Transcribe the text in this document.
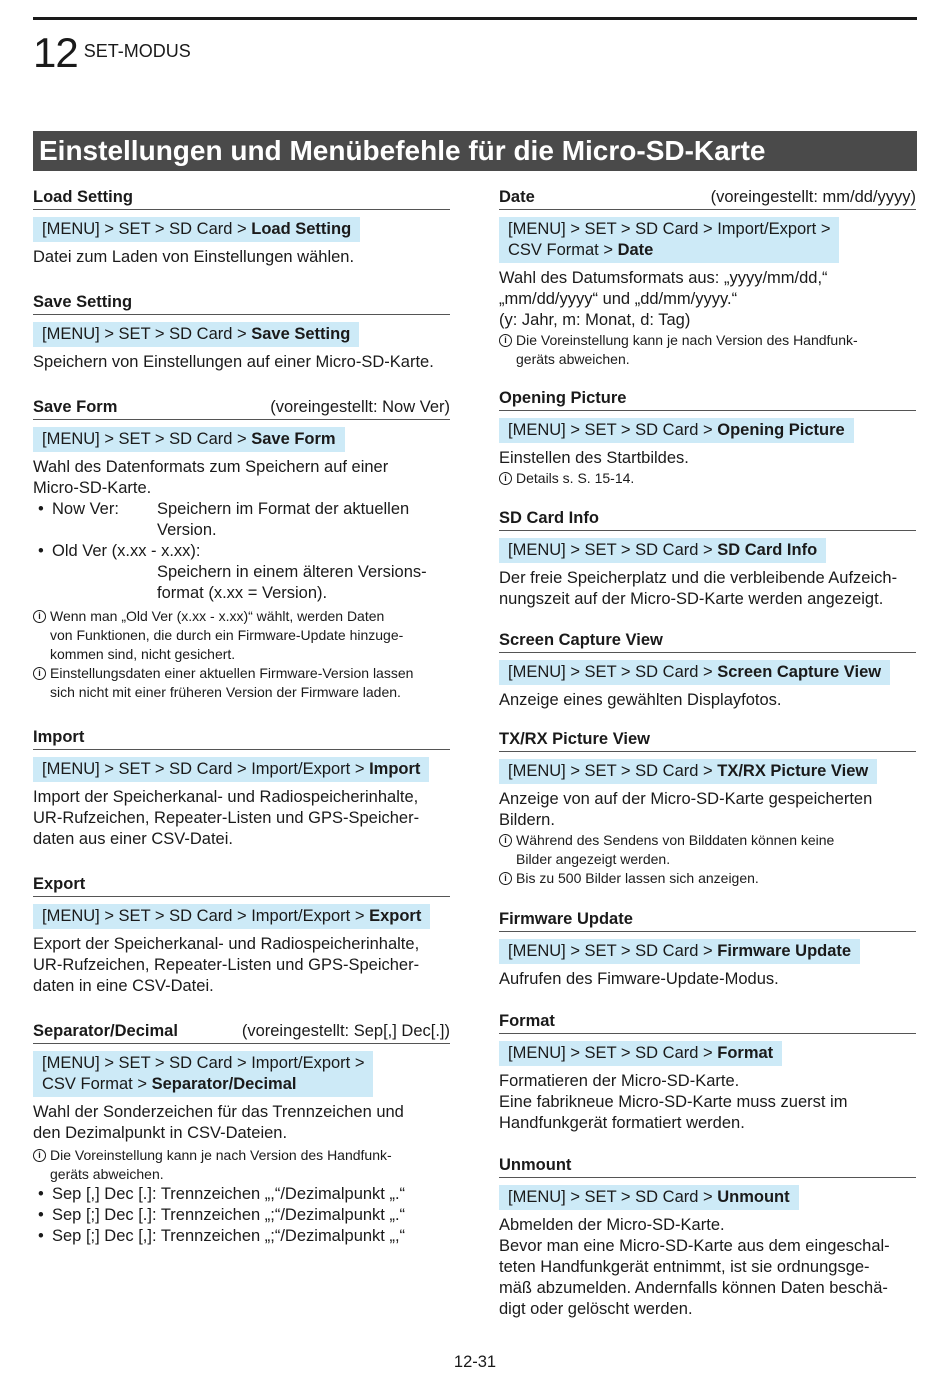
12 SET-MODUS
Einstellungen und Menübefehle für die Micro-SD-Karte
Load Setting
[MENU] > SET > SD Card > Load Setting
Datei zum Laden von Einstellungen wählen.
Save Setting
[MENU] > SET > SD Card > Save Setting
Speichern von Einstellungen auf einer Micro-SD-Karte.
Save Form	(voreingestellt: Now Ver)
[MENU] > SET > SD Card > Save Form
Wahl des Datenformats zum Speichern auf einer
Micro-SD-Karte.
• Now Ver:	Speichern im Format der aktuellen
Version.
• Old Ver (x.xx - x.xx):
Speichern in einem älteren Versions-
format (x.xx = Version).
i Wenn man „Old Ver (x.xx - x.xx)“ wählt, werden Daten
von Funktionen, die durch ein Firmware-Update hinzuge-
kommen sind, nicht gesichert.
i Einstellungsdaten einer aktuellen Firmware-Version lassen
sich nicht mit einer früheren Version der Firmware laden.
Import
[MENU] > SET > SD Card > Import/Export > Import
Import der Speicherkanal- und Radiospeicherinhalte,
UR-Rufzeichen, Repeater-Listen und GPS-Speicher-
daten aus einer CSV-Datei.
Export
[MENU] > SET > SD Card > Import/Export > Export
Export der Speicherkanal- und Radiospeicherinhalte,
UR-Rufzeichen, Repeater-Listen und GPS-Speicher-
daten in eine CSV-Datei.
Separator/Decimal	(voreingestellt: Sep[,] Dec[.])
[MENU] > SET > SD Card > Import/Export >
CSV Format > Separator/Decimal
Wahl der Sonderzeichen für das Trennzeichen und
den Dezimalpunkt in CSV-Dateien.
i Die Voreinstellung kann je nach Version des Handfunk-
geräts abweichen.
• Sep [,] Dec [.]: Trennzeichen „,“/Dezimalpunkt „.“
• Sep [;] Dec [.]: Trennzeichen „;“/Dezimalpunkt „.“
• Sep [;] Dec [,]: Trennzeichen „;“/Dezimalpunkt „,“
Date	(voreingestellt: mm/dd/yyyy)
[MENU] > SET > SD Card > Import/Export >
CSV Format > Date
Wahl des Datumsformats aus: „yyyy/mm/dd,“
„mm/dd/yyyy“ und „dd/mm/yyyy.“
(y: Jahr, m: Monat, d: Tag)
i Die Voreinstellung kann je nach Version des Handfunk-
geräts abweichen.
Opening Picture
[MENU] > SET > SD Card > Opening Picture
Einstellen des Startbildes.
i Details s. S. 15-14.
SD Card Info
[MENU] > SET > SD Card > SD Card Info
Der freie Speicherplatz und die verbleibende Aufzeich-
nungszeit auf der Micro-SD-Karte werden angezeigt.
Screen Capture View
[MENU] > SET > SD Card > Screen Capture View
Anzeige eines gewählten Displayfotos.
TX/RX Picture View
[MENU] > SET > SD Card > TX/RX Picture View
Anzeige von auf der Micro-SD-Karte gespeicherten
Bildern.
i Während des Sendens von Bilddaten können keine
Bilder angezeigt werden.
i Bis zu 500 Bilder lassen sich anzeigen.
Firmware Update
[MENU] > SET > SD Card > Firmware Update
Aufrufen des Fimware-Update-Modus.
Format
[MENU] > SET > SD Card > Format
Formatieren der Micro-SD-Karte.
Eine fabrikneue Micro-SD-Karte muss zuerst im
Handfunkgerät formatiert werden.
Unmount
[MENU] > SET > SD Card > Unmount
Abmelden der Micro-SD-Karte.
Bevor man eine Micro-SD-Karte aus dem eingeschal-
teten Handfunkgerät entnimmt, ist sie ordnungsge-
mäß abzumelden. Andernfalls können Daten beschä-
digt oder gelöscht werden.
12-31
